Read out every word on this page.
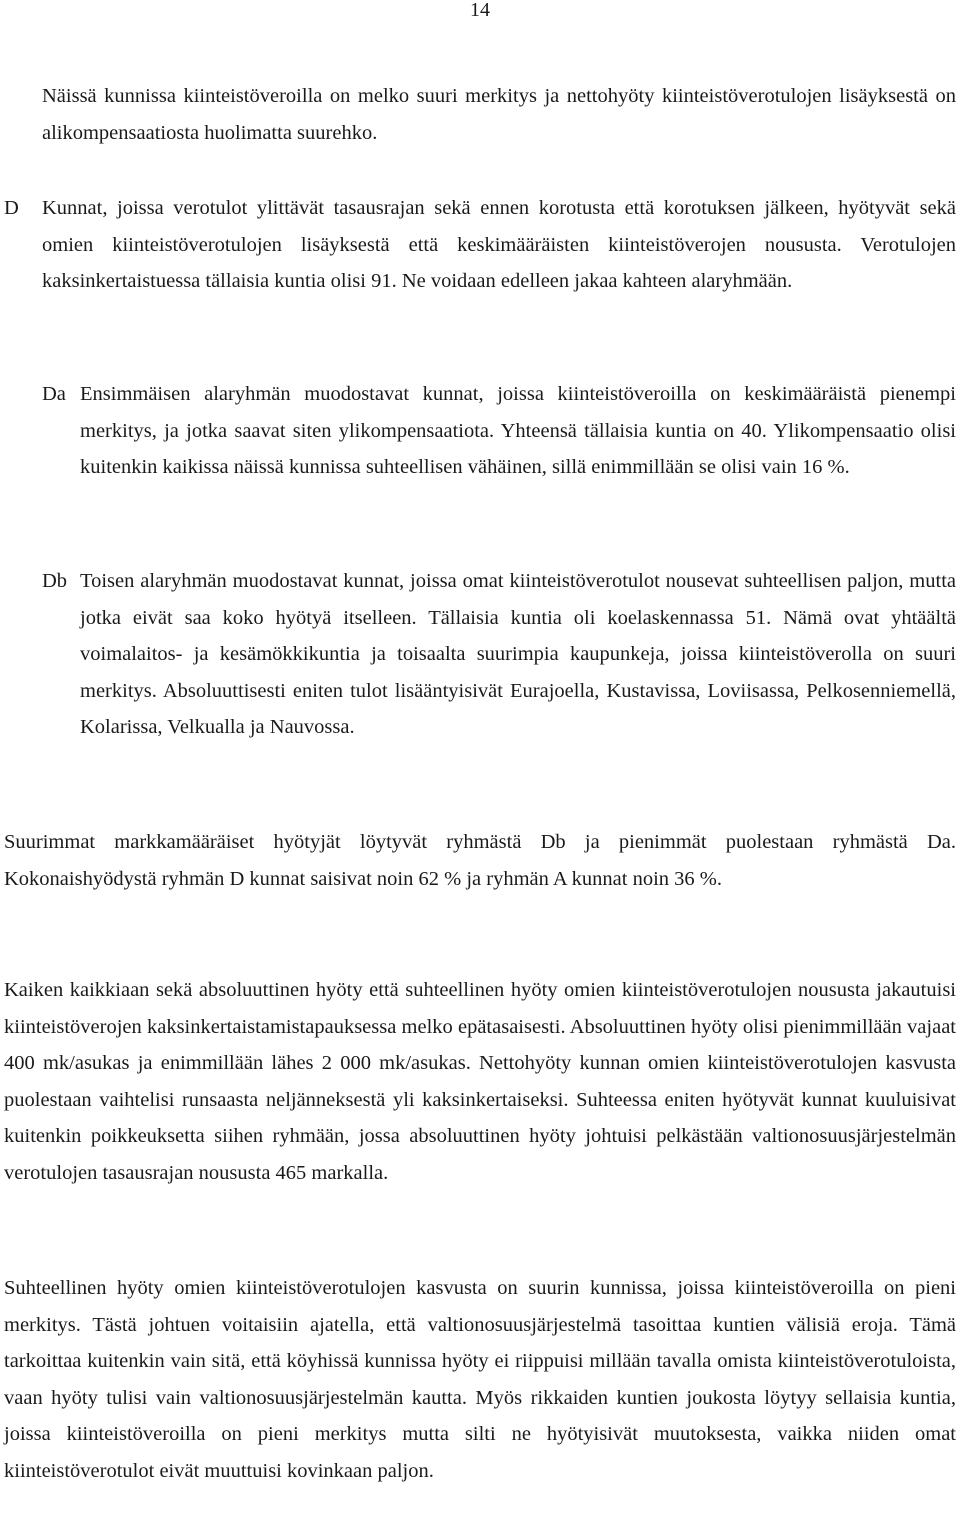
14

Näissä kunnissa kiinteistöveroilla on melko suuri merkitys ja nettohyöty kiinteistöverotulojen lisäyksestä on alikompensaatiosta huolimatta suurehko.

D Kunnat, joissa verotulot ylittävät tasausrajan sekä ennen korotusta että korotuksen jälkeen, hyötyvät sekä omien kiinteistöverotulojen lisäyksestä että keskimääräisten kiinteistöverojen noususta. Verotulojen kaksinkertaistuessa tällaisia kuntia olisi 91. Ne voidaan edelleen jakaa kahteen alaryhmään.

Da Ensimmäisen alaryhmän muodostavat kunnat, joissa kiinteistöveroilla on keskimääräistä pienempi merkitys, ja jotka saavat siten ylikompensaatiota. Yhteensä tällaisia kuntia on 40. Ylikompensaatio olisi kuitenkin kaikissa näissä kunnissa suhteellisen vähäinen, sillä enimmillään se olisi vain 16 %.

Db Toisen alaryhmän muodostavat kunnat, joissa omat kiinteistöverotulot nousevat suhteellisen paljon, mutta jotka eivät saa koko hyötyä itselleen. Tällaisia kuntia oli koelaskennassa 51. Nämä ovat yhtäältä voimalaitos- ja kesämökkikuntia ja toisaalta suurimpia kaupunkeja, joissa kiinteistöverolla on suuri merkitys. Absoluuttisesti eniten tulot lisääntyisivät Eurajoella, Kustavissa, Loviisassa, Pelkosenniemellä, Kolarissa, Velkualla ja Nauvossa.

Suurimmat markkamääräiset hyötyjät löytyvät ryhmästä Db ja pienimmät puolestaan ryhmästä Da. Kokonaishyödystä ryhmän D kunnat saisivat noin 62 % ja ryhmän A kunnat noin 36 %.

Kaiken kaikkiaan sekä absoluuttinen hyöty että suhteellinen hyöty omien kiinteistöverotulojen noususta jakautuisi kiinteistöverojen kaksinkertaistamistapauksessa melko epätasaisesti. Absoluuttinen hyöty olisi pienimmillään vajaat 400 mk/asukas ja enimmillään lähes 2 000 mk/asukas. Nettohyöty kunnan omien kiinteistöverotulojen kasvusta puolestaan vaihtelisi runsaasta neljänneksestä yli kaksinkertaiseksi. Suhteessa eniten hyötyvät kunnat kuuluisivat kuitenkin poikkeuksetta siihen ryhmään, jossa absoluuttinen hyöty johtuisi pelkästään valtionosuusjärjestelmän verotulojen tasausrajan noususta 465 markalla.

Suhteellinen hyöty omien kiinteistöverotulojen kasvusta on suurin kunnissa, joissa kiinteistöveroilla on pieni merkitys. Tästä johtuen voitaisiin ajatella, että valtionosuusjärjestelmä tasoittaa kuntien välisiä eroja. Tämä tarkoittaa kuitenkin vain sitä, että köyhissä kunnissa hyöty ei riippuisi millään tavalla omista kiinteistöverotuloista, vaan hyöty tulisi vain valtionosuusjärjestelmän kautta. Myös rikkaiden kuntien joukosta löytyy sellaisia kuntia, joissa kiinteistöveroilla on pieni merkitys mutta silti ne hyötyisivät muutoksesta, vaikka niiden omat kiinteistöverotulot eivät muuttuisi kovinkaan paljon.
